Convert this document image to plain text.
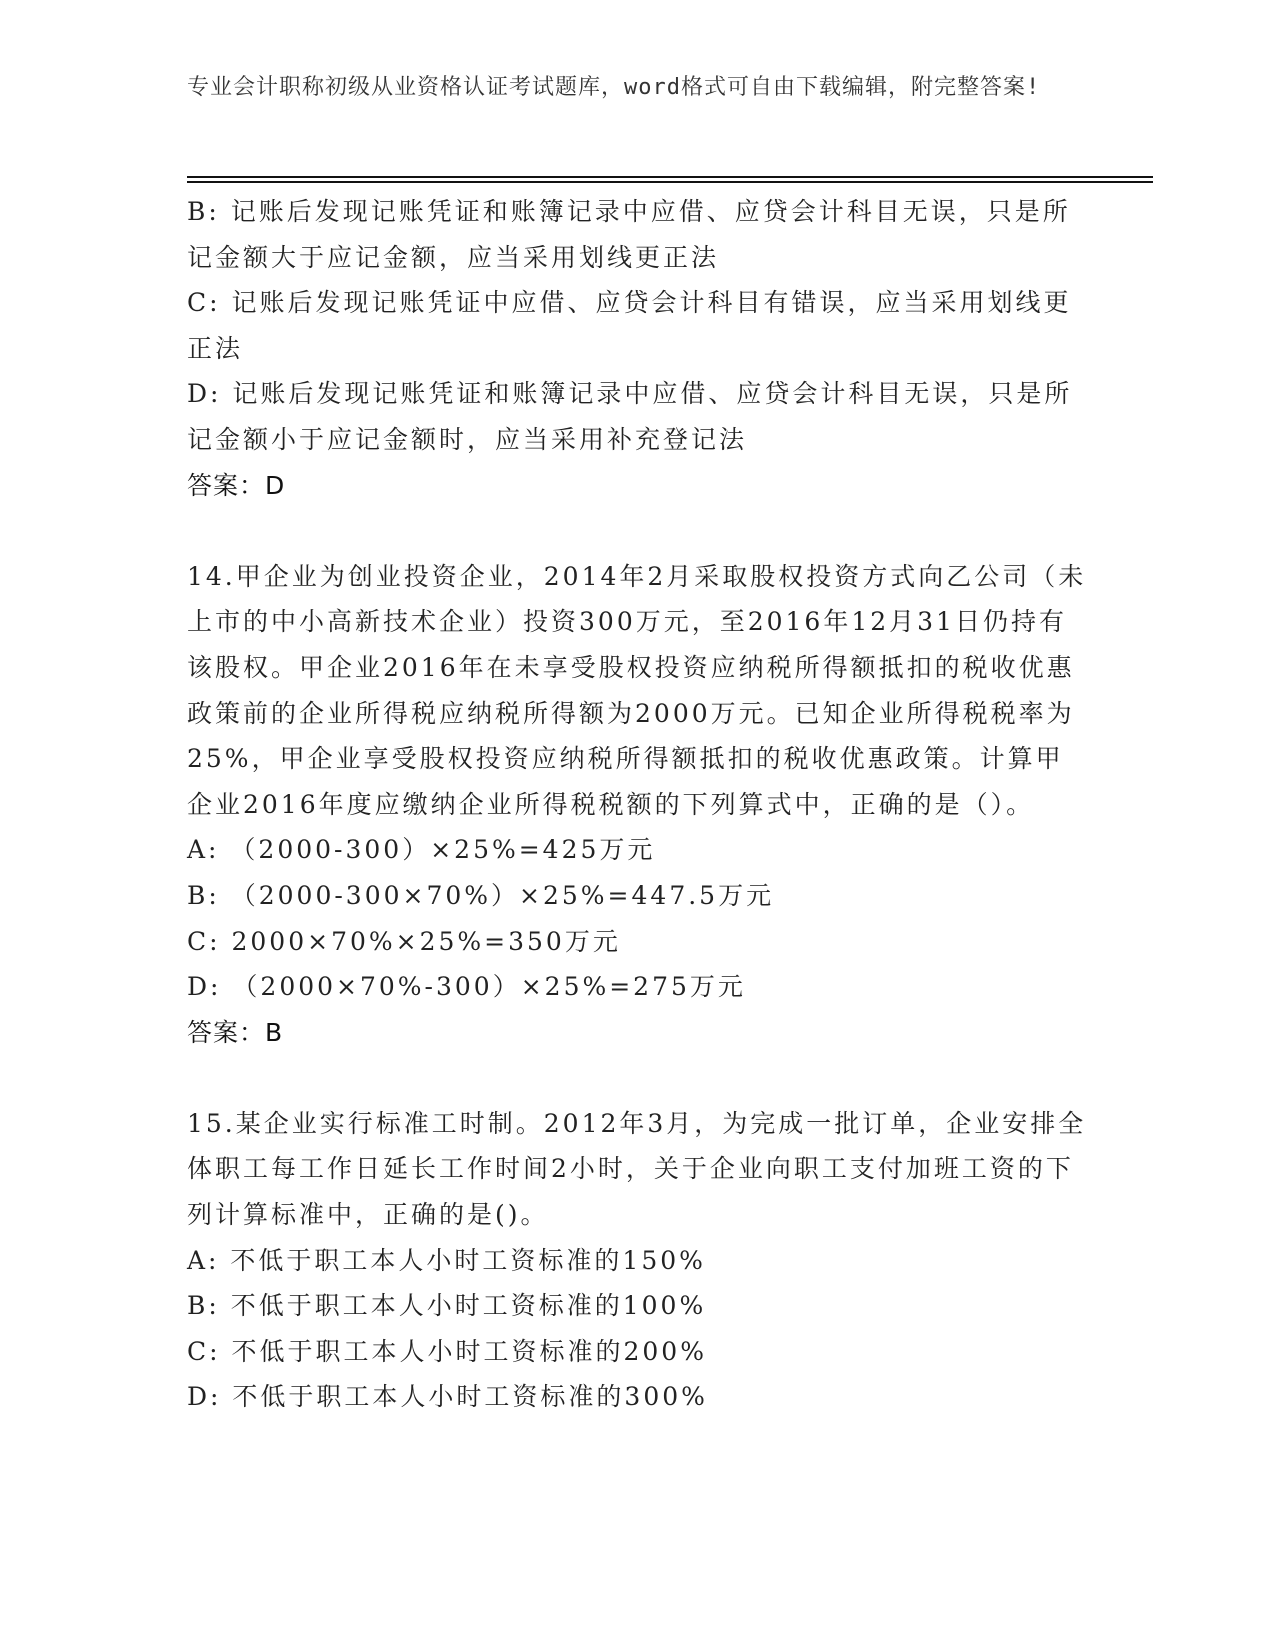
专业会计职称初级从业资格认证考试题库，word格式可自由下载编辑，附完整答案!

B: 记账后发现记账凭证和账簿记录中应借、应贷会计科目无误，只是所记金额大于应记金额，应当采用划线更正法

C: 记账后发现记账凭证中应借、应贷会计科目有错误，应当采用划线更正法

D: 记账后发现记账凭证和账簿记录中应借、应贷会计科目无误，只是所记金额小于应记金额时，应当采用补充登记法

答案：D

14.甲企业为创业投资企业，2014年2月采取股权投资方式向乙公司（未上市的中小高新技术企业）投资300万元，至2016年12月31日仍持有该股权。甲企业2016年在未享受股权投资应纳税所得额抵扣的税收优惠政策前的企业所得税应纳税所得额为2000万元。已知企业所得税税率为25%，甲企业享受股权投资应纳税所得额抵扣的税收优惠政策。计算甲企业2016年度应缴纳企业所得税税额的下列算式中，正确的是（）。

A: （2000-300）×25%=425万元

B: （2000-300×70%）×25%=447.5万元

C: 2000×70%×25%=350万元

D: （2000×70%-300）×25%=275万元

答案：B

15.某企业实行标准工时制。2012年3月，为完成一批订单，企业安排全体职工每工作日延长工作时间2小时，关于企业向职工支付加班工资的下列计算标准中，正确的是()。

A: 不低于职工本人小时工资标准的150%

B: 不低于职工本人小时工资标准的100%

C: 不低于职工本人小时工资标准的200%

D: 不低于职工本人小时工资标准的300%
